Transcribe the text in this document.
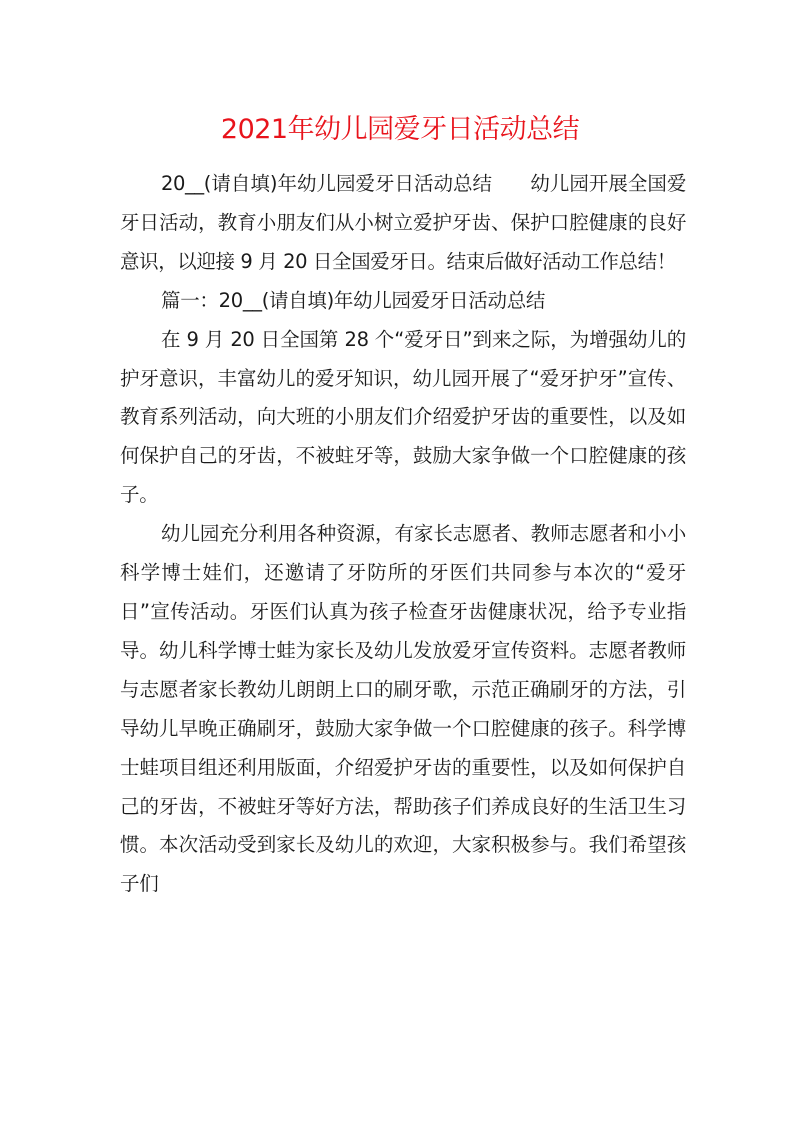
2021年幼儿园爱牙日活动总结

20__(请自填)年幼儿园爱牙日活动总结 幼儿园开展全国爱牙日活动，教育小朋友们从小树立爱护牙齿、保护口腔健康的良好意识，以迎接 9 月 20 日全国爱牙日。结束后做好活动工作总结！

篇一：20__(请自填)年幼儿园爱牙日活动总结

在 9 月 20 日全国第 28 个“爱牙日”到来之际，为增强幼儿的护牙意识，丰富幼儿的爱牙知识，幼儿园开展了“爱牙护牙”宣传、教育系列活动，向大班的小朋友们介绍爱护牙齿的重要性，以及如何保护自己的牙齿，不被蛀牙等，鼓励大家争做一个口腔健康的孩子。

幼儿园充分利用各种资源，有家长志愿者、教师志愿者和小小科学博士娃们，还邀请了牙防所的牙医们共同参与本次的“爱牙日”宣传活动。牙医们认真为孩子检查牙齿健康状况，给予专业指导。幼儿科学博士蛙为家长及幼儿发放爱牙宣传资料。志愿者教师与志愿者家长教幼儿朗朗上口的刷牙歌，示范正确刷牙的方法，引导幼儿早晚正确刷牙，鼓励大家争做一个口腔健康的孩子。科学博士蛙项目组还利用版面，介绍爱护牙齿的重要性，以及如何保护自己的牙齿，不被蛀牙等好方法，帮助孩子们养成良好的生活卫生习惯。本次活动受到家长及幼儿的欢迎，大家积极参与。我们希望孩子们
